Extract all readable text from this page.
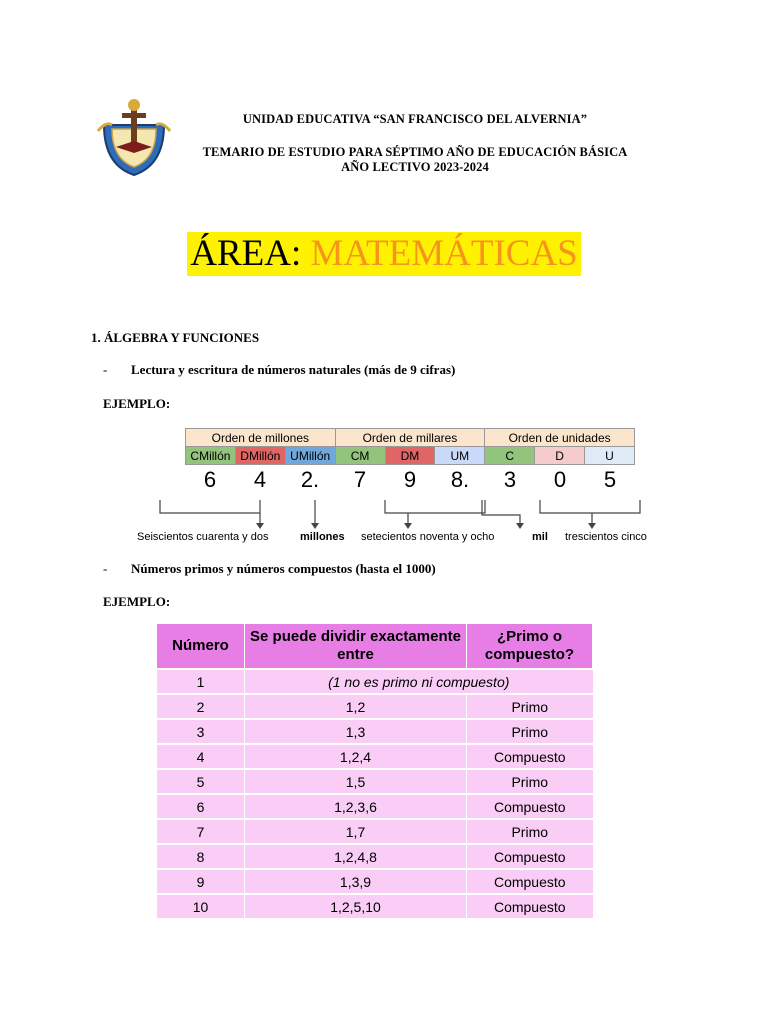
UNIDAD EDUCATIVA “SAN FRANCISCO DEL ALVERNIA”
TEMARIO DE ESTUDIO PARA SÉPTIMO AÑO DE EDUCACIÓN BÁSICA
AÑO LECTIVO 2023-2024
ÁREA: MATEMÁTICAS
1. ÁLGEBRA Y FUNCIONES
- Lectura y escritura de números naturales (más de 9 cifras)
EJEMPLO:
Orden de millones			Orden de millares			Orden de unidades		
CMillón	DMillón	UMillón	CM	DM	UM	C	D	U
6	4	2.	7	9	8.	3	0	5
Seiscientos cuarenta y dos	millones setecientos noventa y ocho	mil trescientos cinco
- Números primos y números compuestos (hasta el 1000)
EJEMPLO:
Número	Se puede dividir exactamente entre	¿Primo o compuesto?
1	(1 no es primo ni compuesto)	
2	1,2	Primo
3	1,3	Primo
4	1,2,4	Compuesto
5	1,5	Primo
6	1,2,3,6	Compuesto
7	1,7	Primo
8	1,2,4,8	Compuesto
9	1,3,9	Compuesto
10	1,2,5,10	Compuesto
